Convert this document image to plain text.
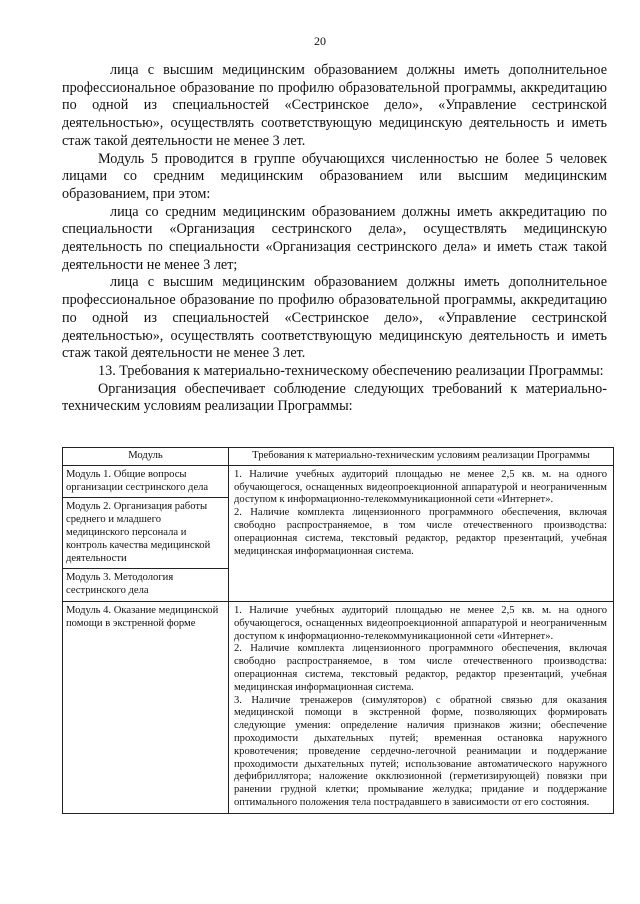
20

лица с высшим медицинским образованием должны иметь дополнительное профессиональное образование по профилю образовательной программы, аккредитацию по одной из специальностей «Сестринское дело», «Управление сестринской деятельностью», осуществлять соответствующую медицинскую деятельность и иметь стаж такой деятельности не менее 3 лет.

Модуль 5 проводится в группе обучающихся численностью не более 5 человек лицами со средним медицинским образованием или высшим медицинским образованием, при этом:

лица со средним медицинским образованием должны иметь аккредитацию по специальности «Организация сестринского дела», осуществлять медицинскую деятельность по специальности «Организация сестринского дела» и иметь стаж такой деятельности не менее 3 лет;

лица с высшим медицинским образованием должны иметь дополнительное профессиональное образование по профилю образовательной программы, аккредитацию по одной из специальностей «Сестринское дело», «Управление сестринской деятельностью», осуществлять соответствующую медицинскую деятельность и иметь стаж такой деятельности не менее 3 лет.

13. Требования к материально-техническому обеспечению реализации Программы:

Организация обеспечивает соблюдение следующих требований к материально-техническим условиям реализации Программы:

Модуль	Требования к материально-техническим условиям реализации Программы
Модуль 1. Общие вопросы организации сестринского дела	1. Наличие учебных аудиторий площадью не менее 2,5 кв. м. на одного обучающегося, оснащенных видеопроекционной аппаратурой и неограниченным доступом к информационно-телекоммуникационной сети «Интернет».

2. Наличие комплекта лицензионного программного обеспечения, включая свободно распространяемое, в том числе отечественного производства: операционная система, текстовый редактор, редактор презентаций, учебная медицинская информационная система.

Модуль 2. Организация работы среднего и младшего медицинского персонала и контроль качества медицинской деятельности	
Модуль 3. Методология сестринского дела	
Модуль 4. Оказание медицинской помощи в экстренной форме	1. Наличие учебных аудиторий площадью не менее 2,5 кв. м. на одного обучающегося, оснащенных видеопроекционной аппаратурой и неограниченным доступом к информационно-телекоммуникационной сети «Интернет».

2. Наличие комплекта лицензионного программного обеспечения, включая свободно распространяемое, в том числе отечественного производства: операционная система, текстовый редактор, редактор презентаций, учебная медицинская информационная система.

3. Наличие тренажеров (симуляторов) с обратной связью для оказания медицинской помощи в экстренной форме, позволяющих формировать следующие умения: определение наличия признаков жизни; обеспечение проходимости дыхательных путей; временная остановка наружного кровотечения; проведение сердечно-легочной реанимации и поддержание проходимости дыхательных путей; использование автоматического наружного дефибриллятора; наложение окклюзионной (герметизирующей) повязки при ранении грудной клетки; промывание желудка; придание и поддержание оптимального положения тела пострадавшего в зависимости от его состояния.
